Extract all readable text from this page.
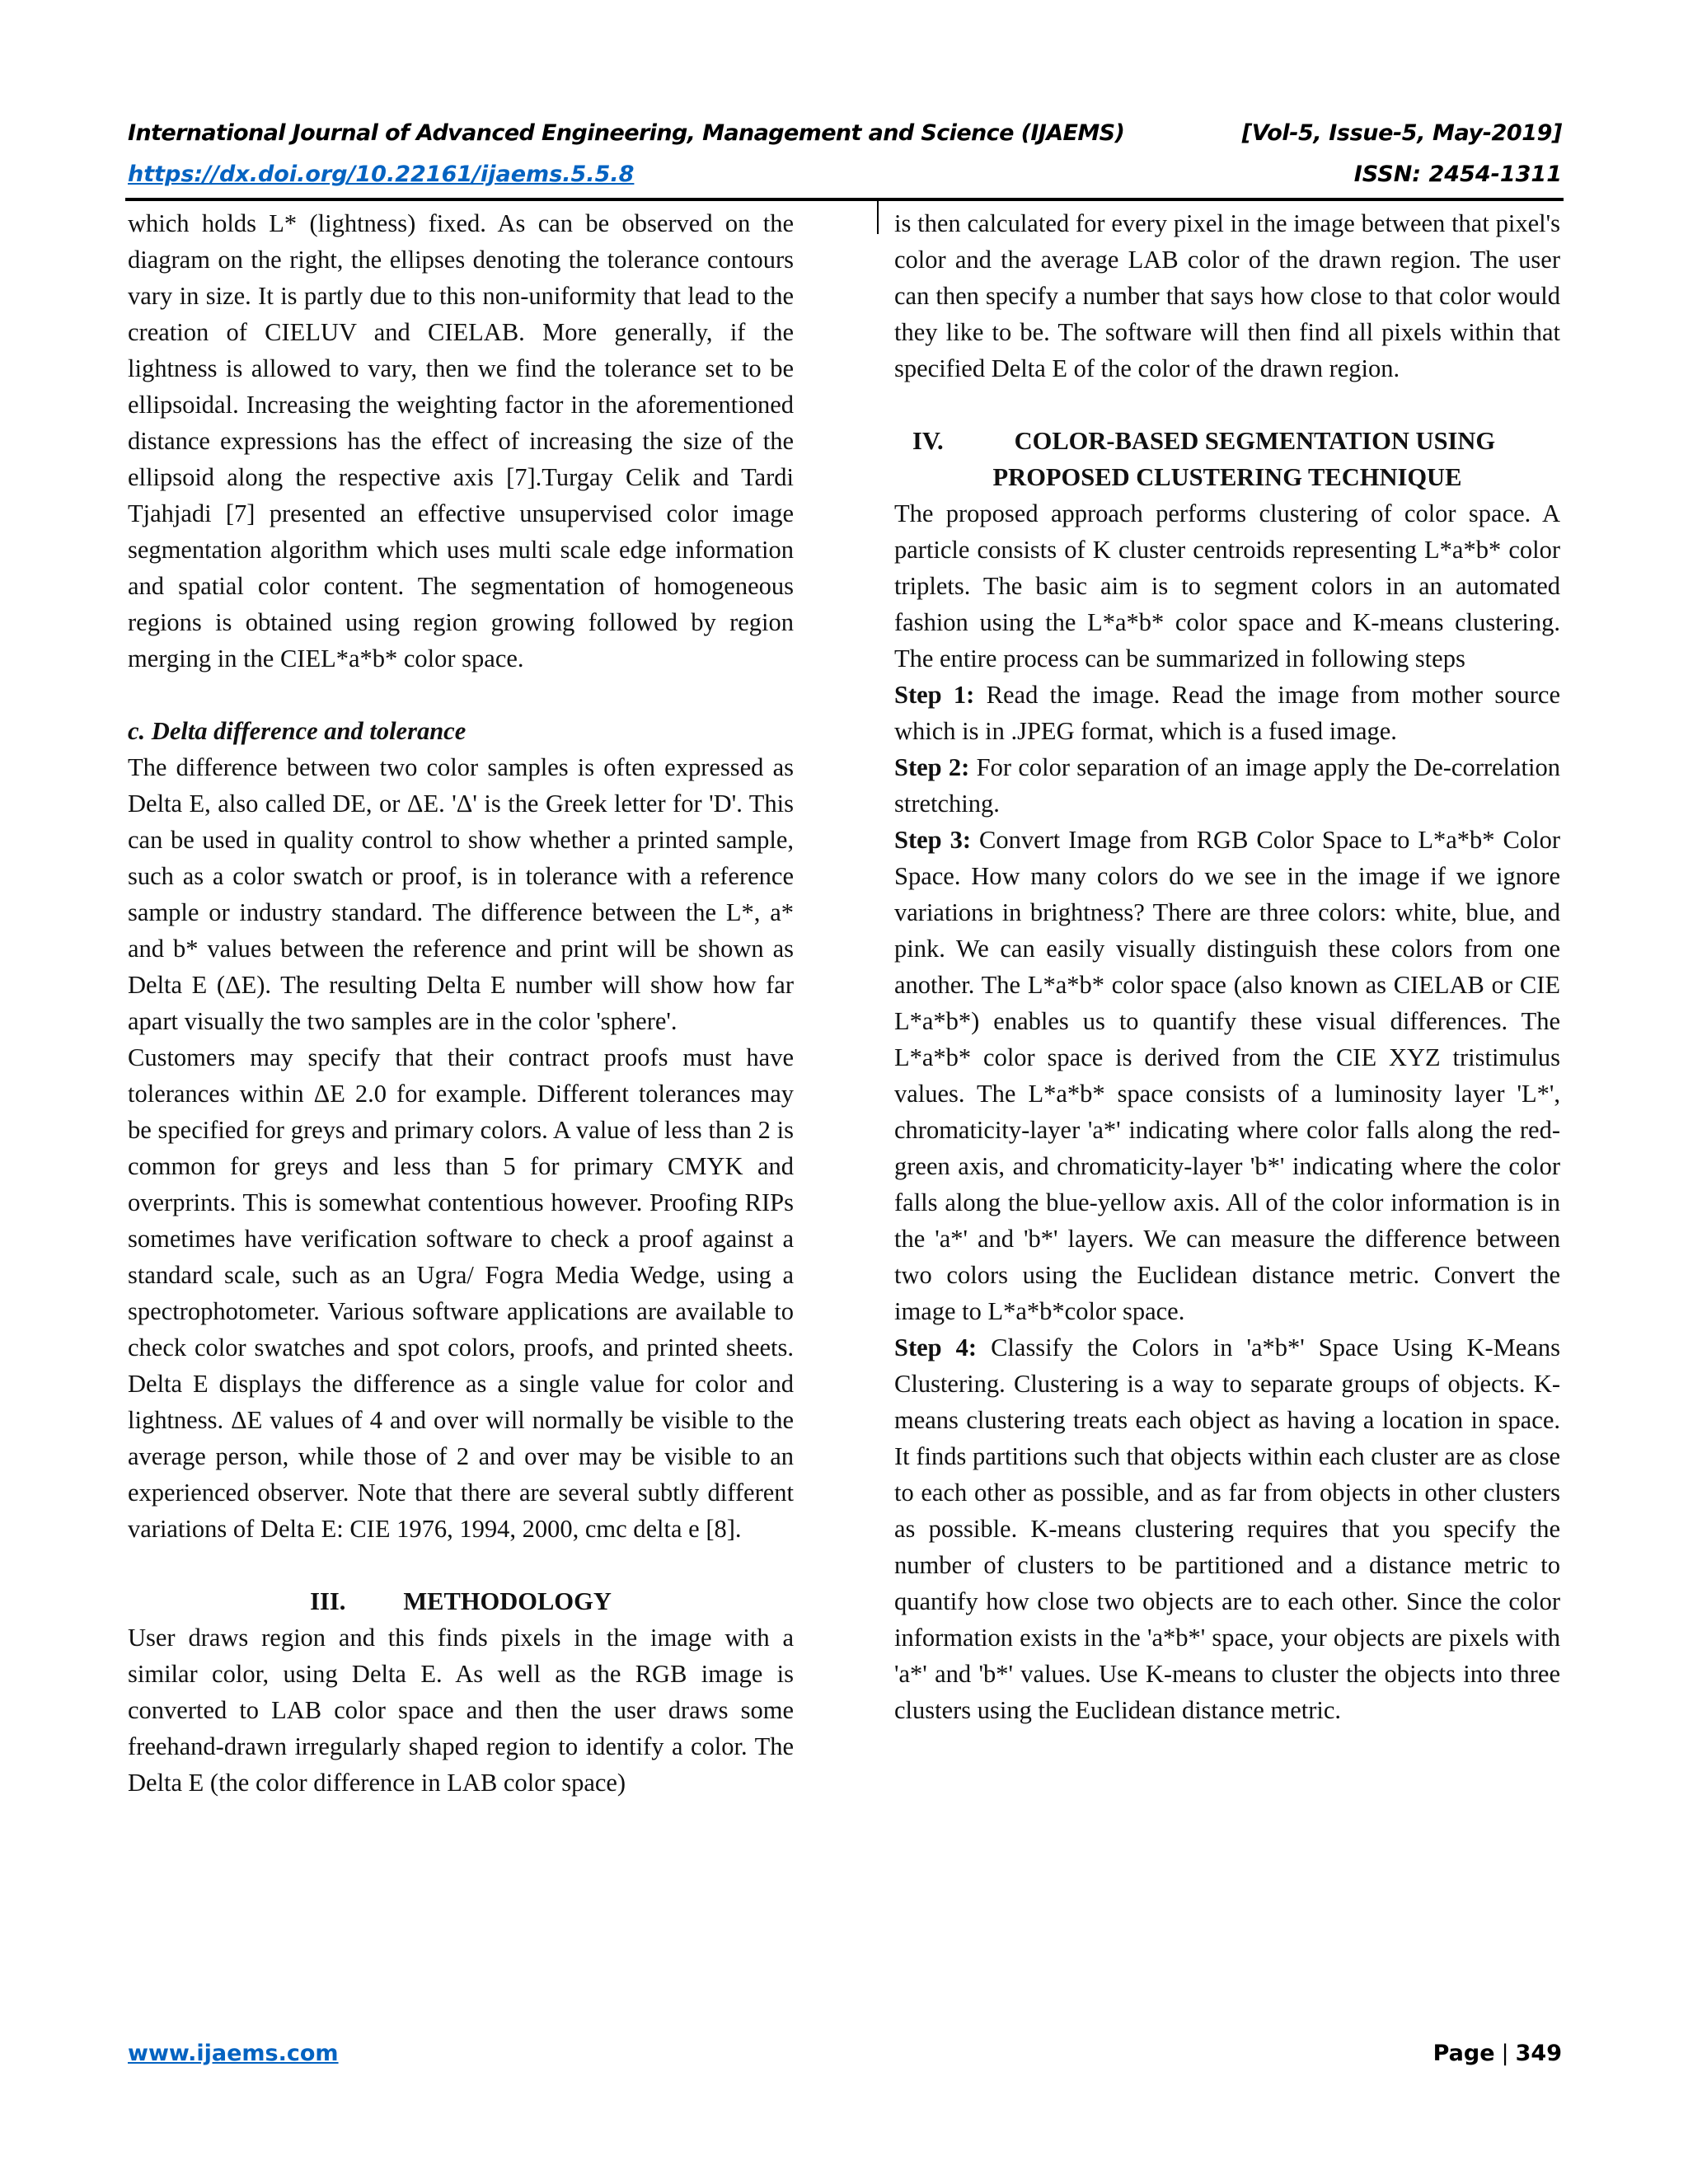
International Journal of Advanced Engineering, Management and Science (IJAEMS)	[Vol-5, Issue-5, May-2019]
https://dx.doi.org/10.22161/ijaems.5.5.8	ISSN: 2454-1311

which holds L* (lightness) fixed. As can be observed on the diagram on the right, the ellipses denoting the tolerance contours vary in size. It is partly due to this non-uniformity that lead to the creation of CIELUV and CIELAB. More generally, if the lightness is allowed to vary, then we find the tolerance set to be ellipsoidal. Increasing the weighting factor in the aforementioned distance expressions has the effect of increasing the size of the ellipsoid along the respective axis [7].Turgay Celik and Tardi Tjahjadi [7] presented an effective unsupervised color image segmentation algorithm which uses multi scale edge information and spatial color content. The segmentation of homogeneous regions is obtained using region growing followed by region merging in the CIEL*a*b* color space.

c. Delta difference and tolerance

The difference between two color samples is often expressed as Delta E, also called DE, or ΔE. 'Δ' is the Greek letter for 'D'. This can be used in quality control to show whether a printed sample, such as a color swatch or proof, is in tolerance with a reference sample or industry standard. The difference between the L*, a* and b* values between the reference and print will be shown as Delta E (ΔE). The resulting Delta E number will show how far apart visually the two samples are in the color 'sphere'.

Customers may specify that their contract proofs must have tolerances within ΔE 2.0 for example. Different tolerances may be specified for greys and primary colors. A value of less than 2 is common for greys and less than 5 for primary CMYK and overprints. This is somewhat contentious however. Proofing RIPs sometimes have verification software to check a proof against a standard scale, such as an Ugra/ Fogra Media Wedge, using a spectrophotometer. Various software applications are available to check color swatches and spot colors, proofs, and printed sheets. Delta E displays the difference as a single value for color and lightness. ΔE values of 4 and over will normally be visible to the average person, while those of 2 and over may be visible to an experienced observer. Note that there are several subtly different variations of Delta E: CIE 1976, 1994, 2000, cmc delta e [8].

III. METHODOLOGY

User draws region and this finds pixels in the image with a similar color, using Delta E. As well as the RGB image is converted to LAB color space and then the user draws some freehand-drawn irregularly shaped region to identify a color. The Delta E (the color difference in LAB color space)

is then calculated for every pixel in the image between that pixel's color and the average LAB color of the drawn region. The user can then specify a number that says how close to that color would they like to be. The software will then find all pixels within that specified Delta E of the color of the drawn region.

IV.	COLOR-BASED SEGMENTATION USING

PROPOSED CLUSTERING TECHNIQUE

The proposed approach performs clustering of color space. A particle consists of K cluster centroids representing L*a*b* color triplets. The basic aim is to segment colors in an automated fashion using the L*a*b* color space and K-means clustering. The entire process can be summarized in following steps

Step 1: Read the image. Read the image from mother source which is in .JPEG format, which is a fused image.

Step 2: For color separation of an image apply the De-correlation stretching.

Step 3: Convert Image from RGB Color Space to L*a*b* Color Space. How many colors do we see in the image if we ignore variations in brightness? There are three colors: white, blue, and pink. We can easily visually distinguish these colors from one another. The L*a*b* color space (also known as CIELAB or CIE L*a*b*) enables us to quantify these visual differences. The L*a*b* color space is derived from the CIE XYZ tristimulus values. The L*a*b* space consists of a luminosity layer 'L*', chromaticity-layer 'a*' indicating where color falls along the red-green axis, and chromaticity-layer 'b*' indicating where the color falls along the blue-yellow axis. All of the color information is in the 'a*' and 'b*' layers. We can measure the difference between two colors using the Euclidean distance metric. Convert the image to L*a*b*color space.

Step 4: Classify the Colors in 'a*b*' Space Using K-Means Clustering. Clustering is a way to separate groups of objects. K-means clustering treats each object as having a location in space. It finds partitions such that objects within each cluster are as close to each other as possible, and as far from objects in other clusters as possible. K-means clustering requires that you specify the number of clusters to be partitioned and a distance metric to quantify how close two objects are to each other. Since the color information exists in the 'a*b*' space, your objects are pixels with 'a*' and 'b*' values. Use K-means to cluster the objects into three clusters using the Euclidean distance metric.

www.ijaems.com	Page | 349
